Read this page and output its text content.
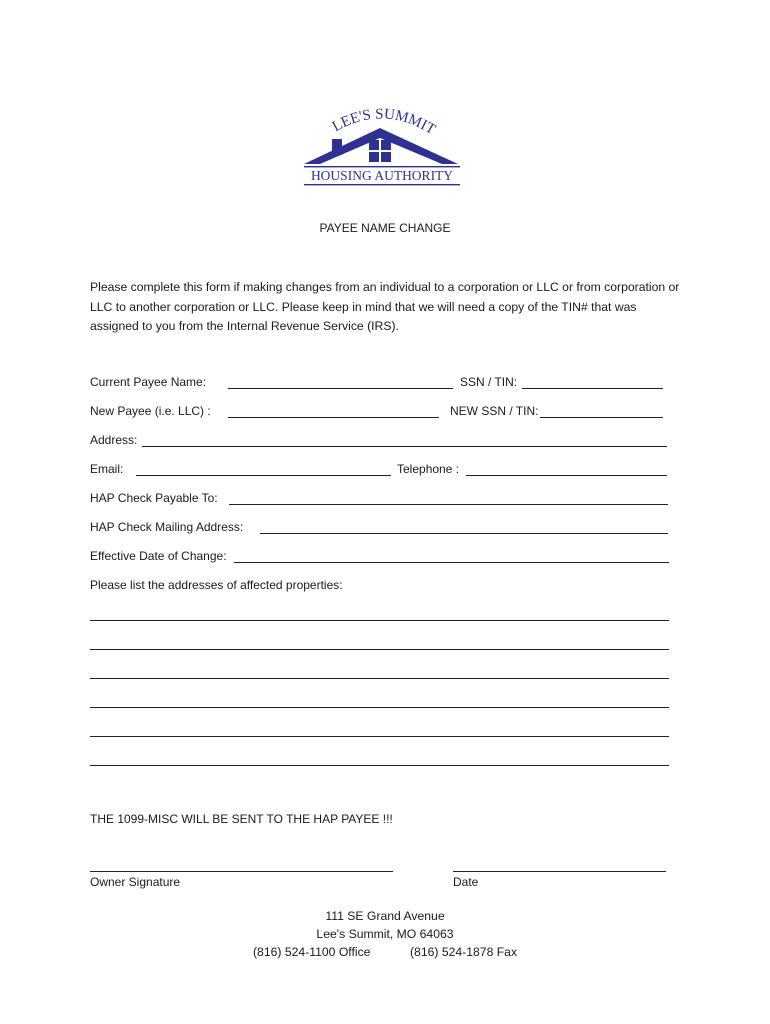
LEE'S SUMMIT
HOUSING AUTHORITY
PAYEE NAME CHANGE
Please complete this form if making changes from an individual to a corporation or LLC or from corporation or LLC to another corporation or LLC. Please keep in mind that we will need a copy of the TIN# that was assigned to you from the Internal Revenue Service (IRS).
Current Payee Name:	SSN / TIN:
New Payee (i.e. LLC) :	NEW SSN / TIN:
Address:
Email:	Telephone :
HAP Check Payable To:
HAP Check Mailing Address:
Effective Date of Change:
Please list the addresses of affected properties:
THE 1099-MISC WILL BE SENT TO THE HAP PAYEE !!!
Owner Signature	Date
111 SE Grand Avenue
Lee's Summit, MO 64063
(816) 524-1100 Office	(816) 524-1878 Fax
